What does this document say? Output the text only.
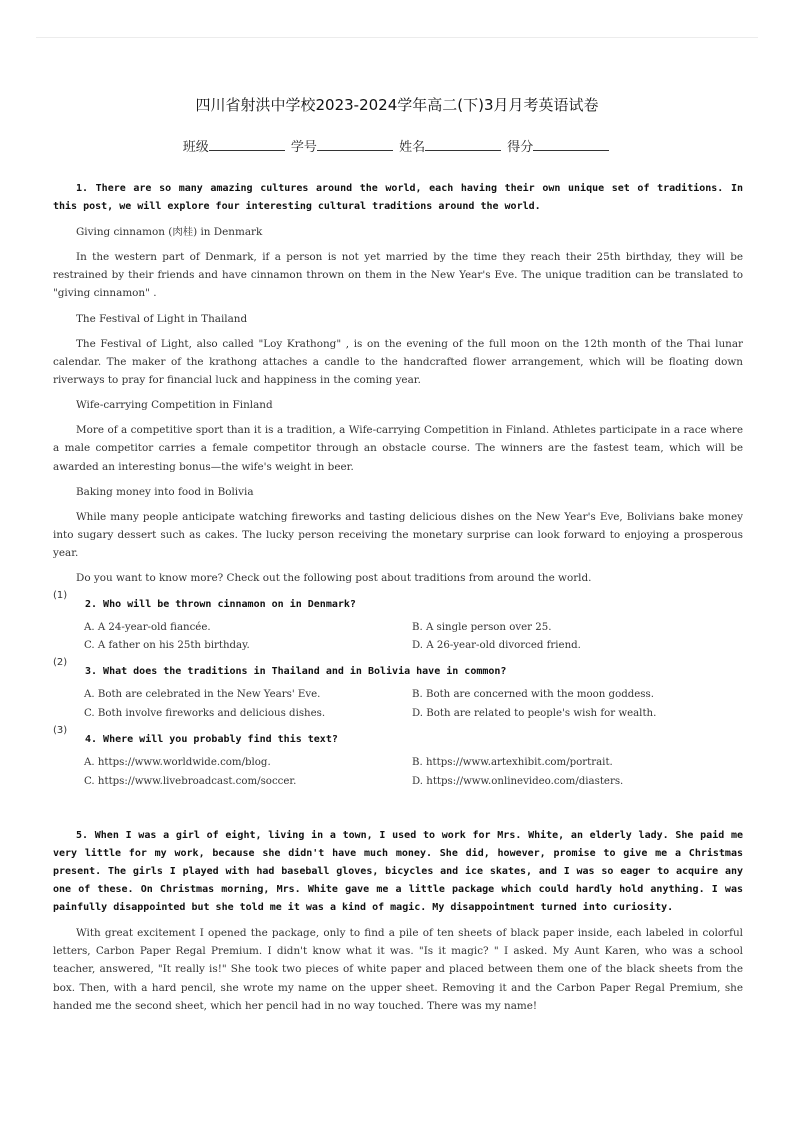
四川省射洪中学校2023-2024学年高二(下)3月月考英语试卷
班级	学号	姓名	得分

1. There are so many amazing cultures around the world, each having their own unique set of traditions. In this post, we will explore four interesting cultural traditions around the world.

Giving cinnamon (肉桂) in Denmark

In the western part of Denmark, if a person is not yet married by the time they reach their 25th birthday, they will be restrained by their friends and have cinnamon thrown on them in the New Year's Eve. The unique tradition can be translated to "giving cinnamon" .

The Festival of Light in Thailand

The Festival of Light, also called "Loy Krathong" , is on the evening of the full moon on the 12th month of the Thai lunar calendar. The maker of the krathong attaches a candle to the handcrafted flower arrangement, which will be floating down riverways to pray for financial luck and happiness in the coming year.

Wife-carrying Competition in Finland

More of a competitive sport than it is a tradition, a Wife-carrying Competition in Finland. Athletes participate in a race where a male competitor carries a female competitor through an obstacle course. The winners are the fastest team, which will be awarded an interesting bonus—the wife's weight in beer.

Baking money into food in Bolivia

While many people anticipate watching fireworks and tasting delicious dishes on the New Year's Eve, Bolivians bake money into sugary dessert such as cakes. The lucky person receiving the monetary surprise can look forward to enjoying a prosperous year.

Do you want to know more? Check out the following post about traditions from around the world.

(1)
2. Who will be thrown cinnamon on in Denmark?
A. A 24-year-old fiancée.	B. A single person over 25.
C. A father on his 25th birthday.	D. A 26-year-old divorced friend.
(2)
3. What does the traditions in Thailand and in Bolivia have in common?
A. Both are celebrated in the New Years' Eve.	B. Both are concerned with the moon goddess.
C. Both involve fireworks and delicious dishes.	D. Both are related to people's wish for wealth.
(3)
4. Where will you probably find this text?
A. https://www.worldwide.com/blog.	B. https://www.artexhibit.com/portrait.
C. https://www.livebroadcast.com/soccer.	D. https://www.onlinevideo.com/diasters.

5. When I was a girl of eight, living in a town, I used to work for Mrs. White, an elderly lady. She paid me very little for my work, because she didn't have much money. She did, however, promise to give me a Christmas present. The girls I played with had baseball gloves, bicycles and ice skates, and I was so eager to acquire any one of these. On Christmas morning, Mrs. White gave me a little package which could hardly hold anything. I was painfully disappointed but she told me it was a kind of magic. My disappointment turned into curiosity.

With great excitement I opened the package, only to find a pile of ten sheets of black paper inside, each labeled in colorful letters, Carbon Paper Regal Premium. I didn't know what it was. "Is it magic? " I asked. My Aunt Karen, who was a school teacher, answered, "It really is!" She took two pieces of white paper and placed between them one of the black sheets from the box. Then, with a hard pencil, she wrote my name on the upper sheet. Removing it and the Carbon Paper Regal Premium, she handed me the second sheet, which her pencil had in no way touched. There was my name!
